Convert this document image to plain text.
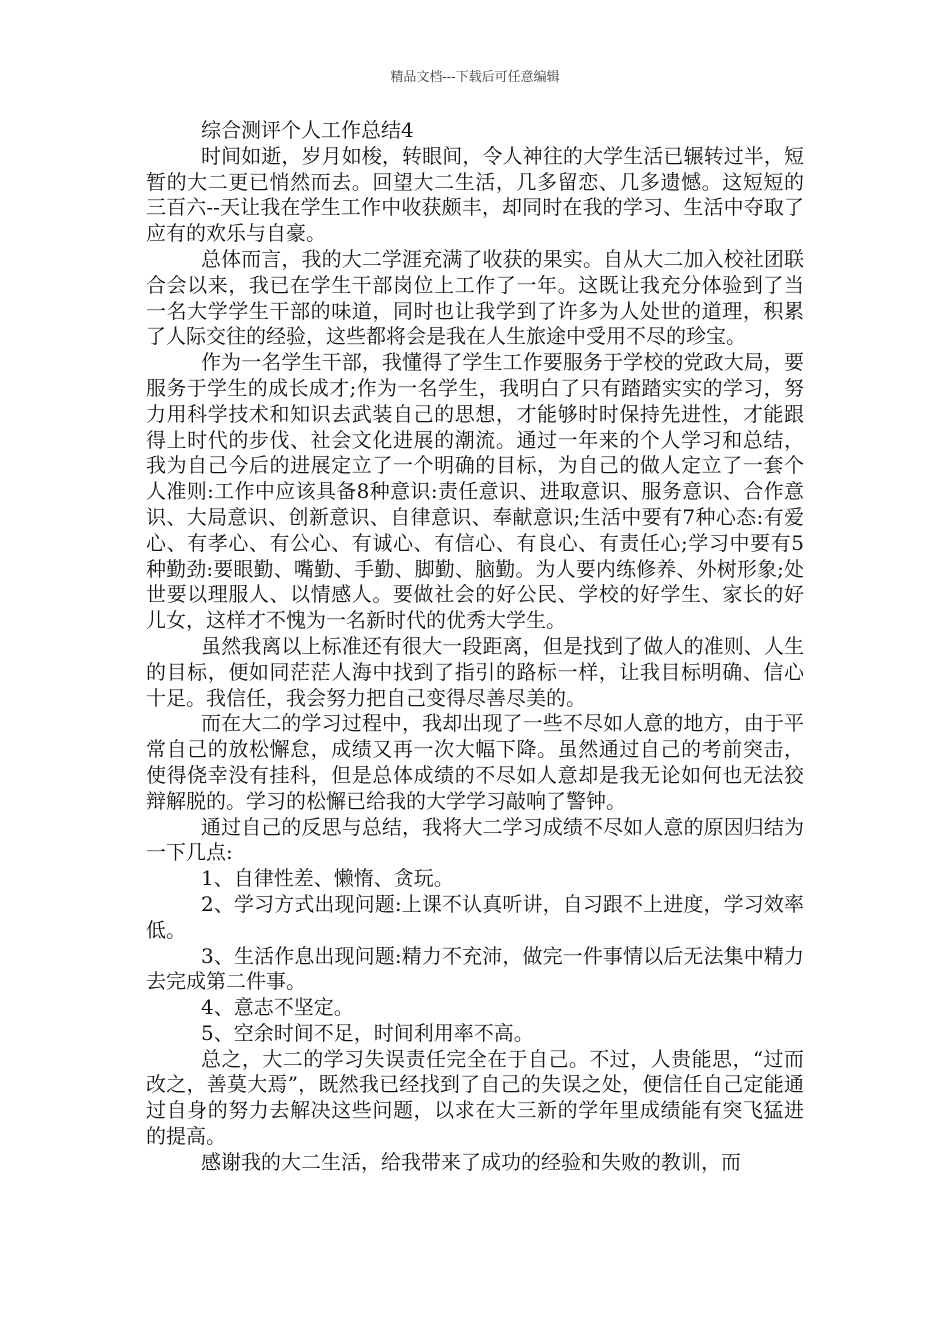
精品文档---下载后可任意编辑
综合测评个人工作总结4

时间如逝，岁月如梭，转眼间，令人神往的大学生活已辗转过半，短暂的大二更已悄然而去。回望大二生活，几多留恋、几多遗憾。这短短的三百六--天让我在学生工作中收获颇丰，却同时在我的学习、生活中夺取了应有的欢乐与自豪。

总体而言，我的大二学涯充满了收获的果实。自从大二加入校社团联合会以来，我已在学生干部岗位上工作了一年。这既让我充分体验到了当一名大学学生干部的味道，同时也让我学到了许多为人处世的道理，积累了人际交往的经验，这些都将会是我在人生旅途中受用不尽的珍宝。

作为一名学生干部，我懂得了学生工作要服务于学校的党政大局，要服务于学生的成长成才;作为一名学生，我明白了只有踏踏实实的学习，努力用科学技术和知识去武装自己的思想，才能够时时保持先进性，才能跟得上时代的步伐、社会文化进展的潮流。通过一年来的个人学习和总结，我为自己今后的进展定立了一个明确的目标，为自己的做人定立了一套个人准则:工作中应该具备8种意识:责任意识、进取意识、服务意识、合作意识、大局意识、创新意识、自律意识、奉献意识;生活中要有7种心态:有爱心、有孝心、有公心、有诚心、有信心、有良心、有责任心;学习中要有5种勤劲:要眼勤、嘴勤、手勤、脚勤、脑勤。为人要内练修养、外树形象;处世要以理服人、以情感人。要做社会的好公民、学校的好学生、家长的好儿女，这样才不愧为一名新时代的优秀大学生。

虽然我离以上标准还有很大一段距离，但是找到了做人的准则、人生的目标，便如同茫茫人海中找到了指引的路标一样，让我目标明确、信心十足。我信任，我会努力把自己变得尽善尽美的。

而在大二的学习过程中，我却出现了一些不尽如人意的地方，由于平常自己的放松懈怠，成绩又再一次大幅下降。虽然通过自己的考前突击，使得侥幸没有挂科，但是总体成绩的不尽如人意却是我无论如何也无法狡辩解脱的。学习的松懈已给我的大学学习敲响了警钟。

通过自己的反思与总结，我将大二学习成绩不尽如人意的原因归结为一下几点:

1、自律性差、懒惰、贪玩。

2、学习方式出现问题:上课不认真听讲，自习跟不上进度，学习效率低。

3、生活作息出现问题:精力不充沛，做完一件事情以后无法集中精力去完成第二件事。

4、意志不坚定。

5、空余时间不足，时间利用率不高。

总之，大二的学习失误责任完全在于自己。不过，人贵能思，“过而改之，善莫大焉”，既然我已经找到了自己的失误之处，便信任自己定能通过自身的努力去解决这些问题，以求在大三新的学年里成绩能有突飞猛进的提高。

感谢我的大二生活，给我带来了成功的经验和失败的教训，而
